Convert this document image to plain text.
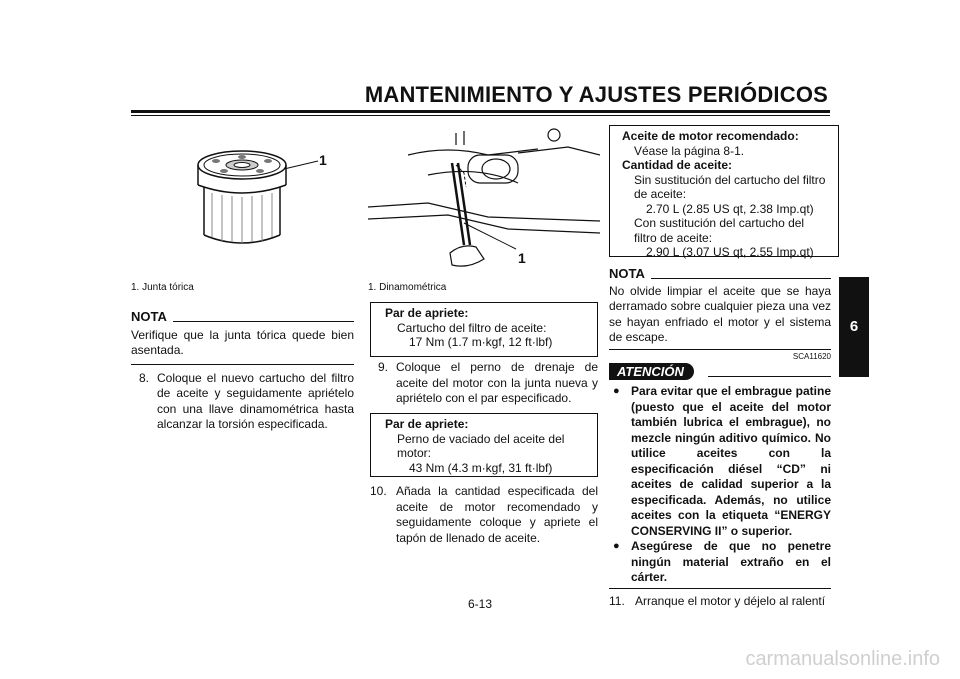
MANTENIMIENTO Y AJUSTES PERIÓDICOS
6
1
1. Junta tórica
NOTA

Verifique que la junta tórica quede bien asentada.

8. Coloque el nuevo cartucho del filtro de aceite y seguidamente apriételo con una llave dinamométrica hasta alcanzar la torsión especificada.
1
1. Dinamométrica
Par de apriete:
Cartucho del filtro de aceite:
17 Nm (1.7 m·kgf, 12 ft·lbf)
9. Coloque el perno de drenaje de aceite del motor con la junta nueva y apriételo con el par especificado.
Par de apriete:
Perno de vaciado del aceite del motor:
43 Nm (4.3 m·kgf, 31 ft·lbf)
10. Añada la cantidad especificada del aceite de motor recomendado y seguidamente coloque y apriete el tapón de llenado de aceite.
Aceite de motor recomendado:
Véase la página 8-1.
Cantidad de aceite:
Sin sustitución del cartucho del filtro de aceite:
2.70 L (2.85 US qt, 2.38 Imp.qt)
Con sustitución del cartucho del filtro de aceite:
2.90 L (3.07 US qt, 2.55 Imp.qt)
NOTA

No olvide limpiar el aceite que se haya derramado sobre cualquier pieza una vez se hayan enfriado el motor y el sistema de escape.

SCA11620
ATENCIÓN
● Para evitar que el embrague patine (puesto que el aceite del motor también lubrica el embrague), no mezcle ningún aditivo químico. No utilice aceites con la especificación diésel “CD” ni aceites de calidad superior a la especificada. Además, no utilice aceites con la etiqueta “ENERGY CONSERVING II” o superior.
● Asegúrese de que no penetre ningún material extraño en el cárter.
11. Arranque el motor y déjelo al ralentí
6-13
carmanualsonline.info
